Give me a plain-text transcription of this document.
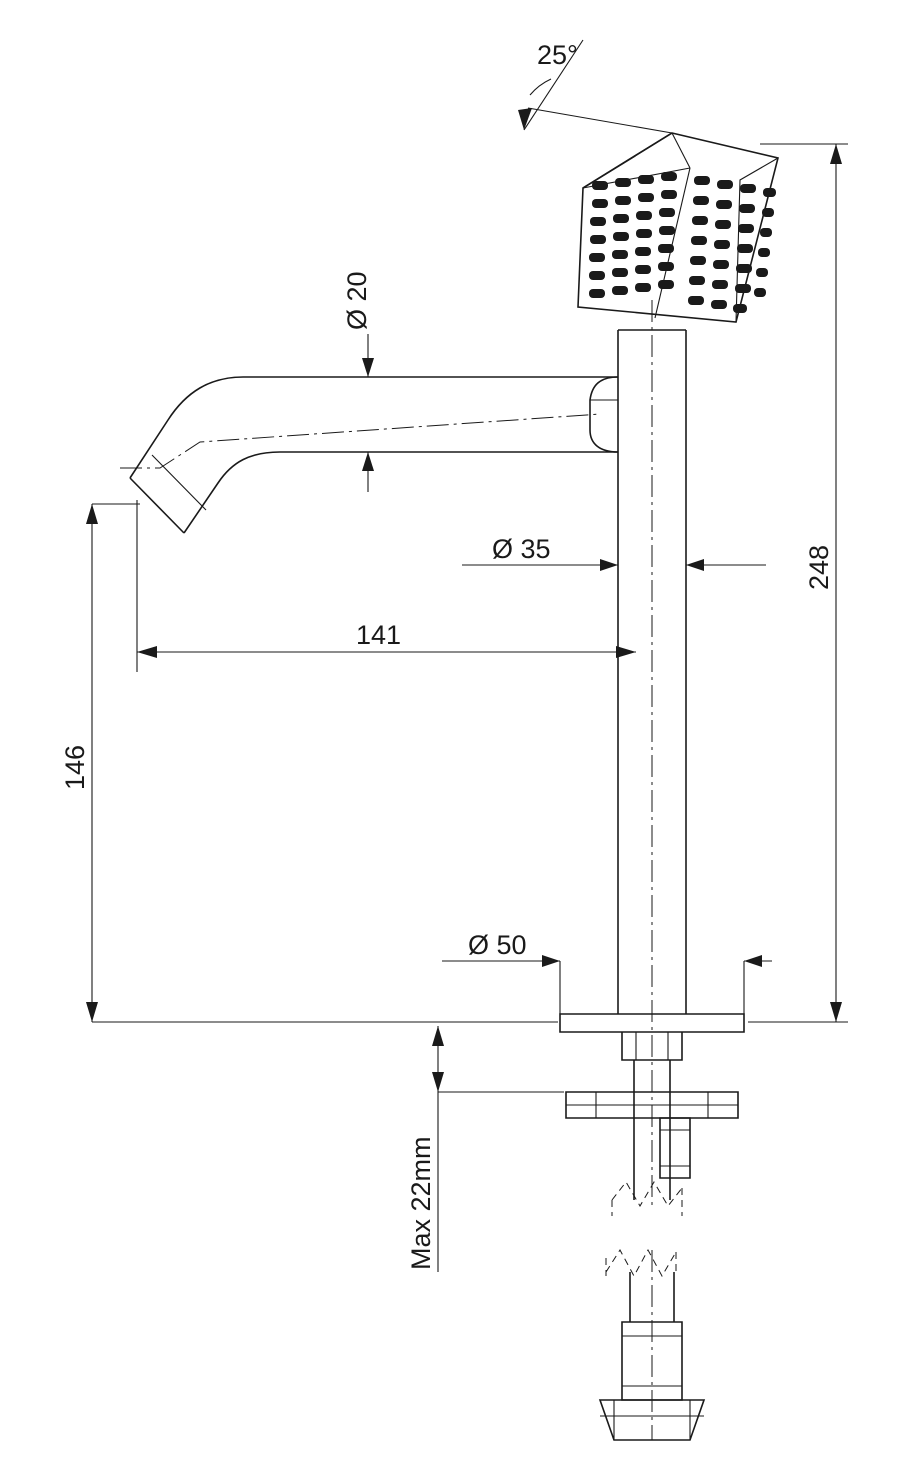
25°
Ø 20
Ø 35
Ø 50
141
146
248
Max 22mm
